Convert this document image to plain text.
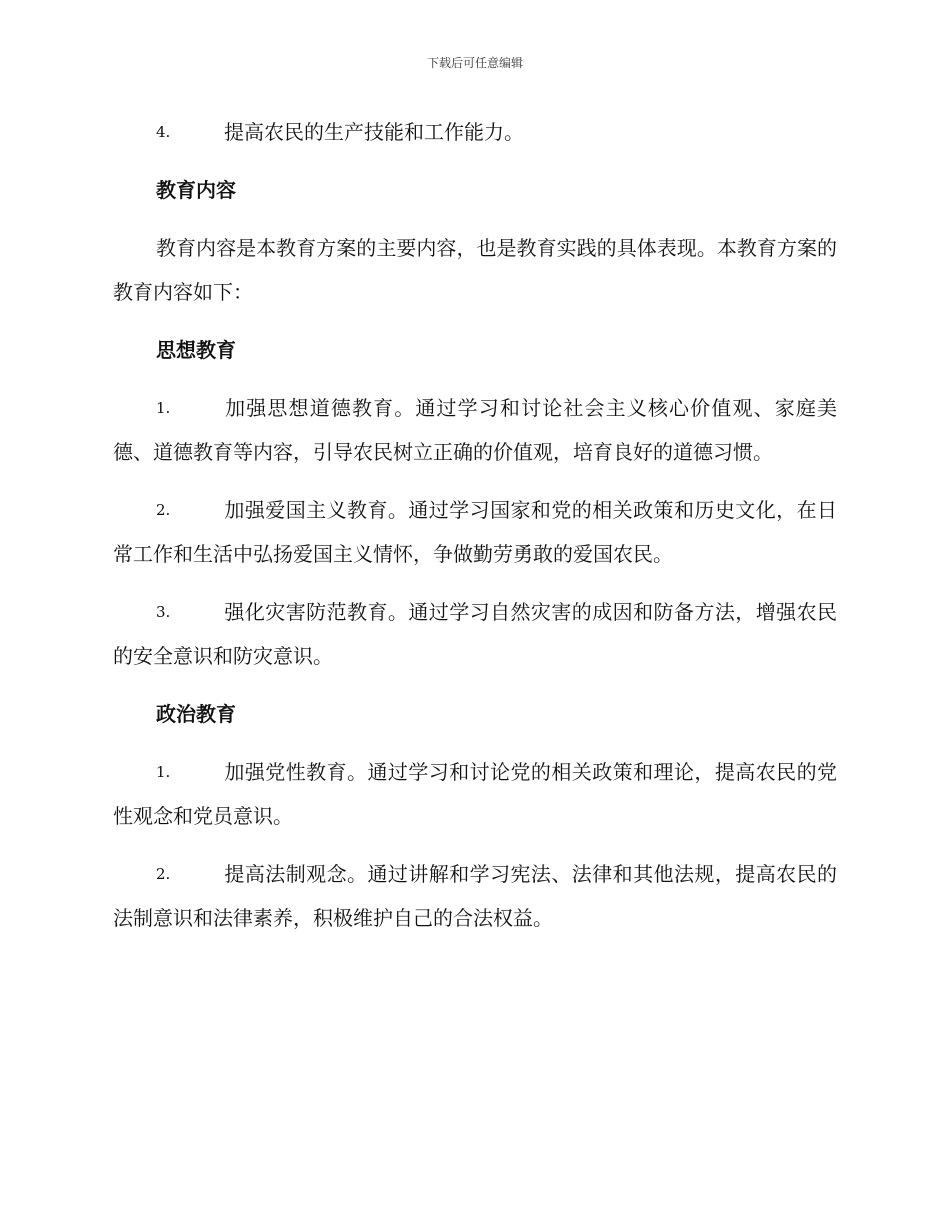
下载后可任意编辑

4.	提高农民的生产技能和工作能力。

教育内容

教育内容是本教育方案的主要内容，也是教育实践的具体表现。本教育方案的教育内容如下：

思想教育

1.	加强思想道德教育。通过学习和讨论社会主义核心价值观、家庭美德、道德教育等内容，引导农民树立正确的价值观，培育良好的道德习惯。

2.	加强爱国主义教育。通过学习国家和党的相关政策和历史文化，在日常工作和生活中弘扬爱国主义情怀，争做勤劳勇敢的爱国农民。

3.	强化灾害防范教育。通过学习自然灾害的成因和防备方法，增强农民的安全意识和防灾意识。

政治教育

1.	加强党性教育。通过学习和讨论党的相关政策和理论，提高农民的党性观念和党员意识。

2.	提高法制观念。通过讲解和学习宪法、法律和其他法规，提高农民的法制意识和法律素养，积极维护自己的合法权益。
